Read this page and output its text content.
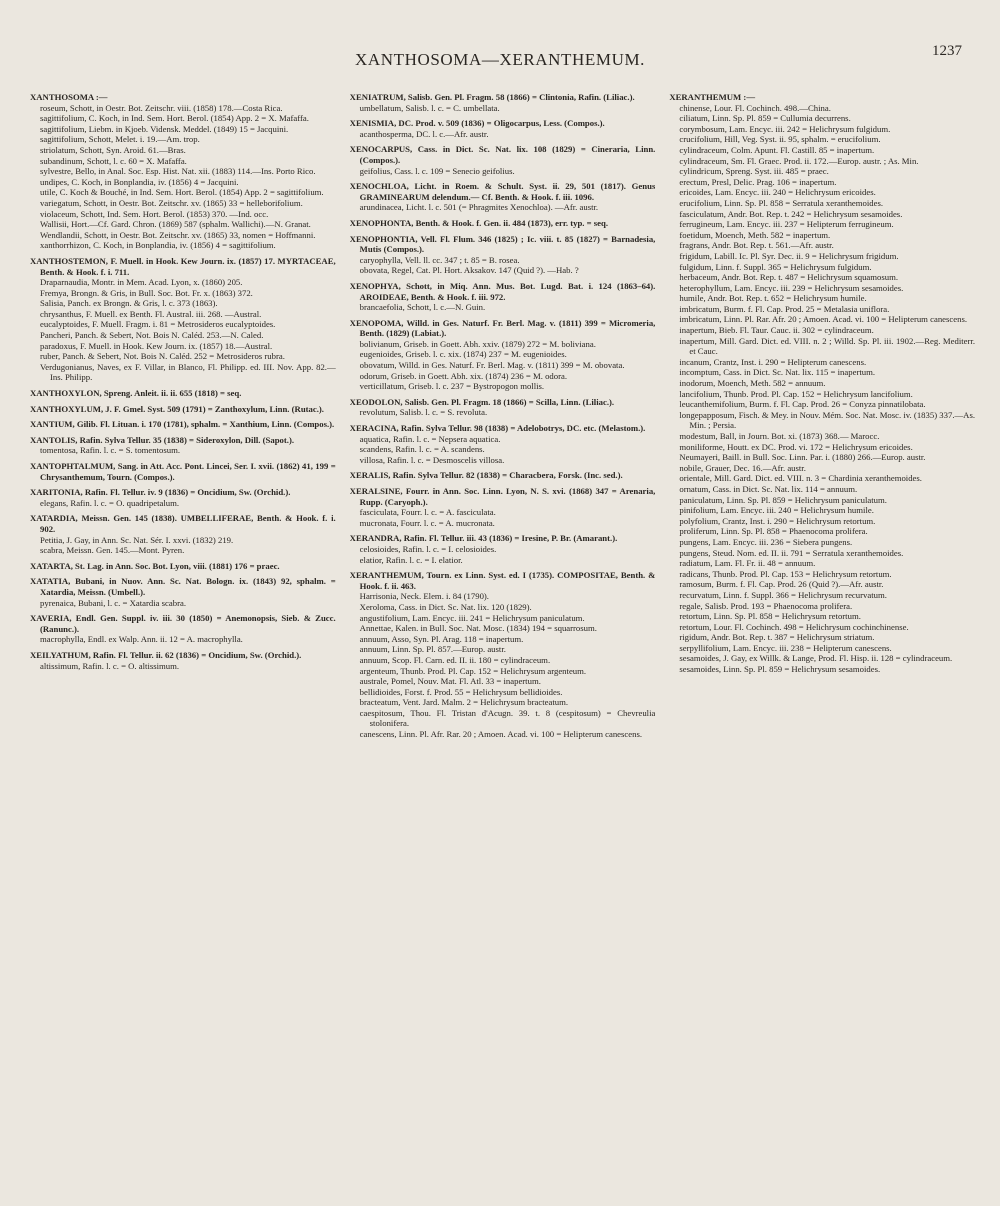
XANTHOSOMA—XERANTHEMUM.	1237

XANTHOSOMA :—

roseum, Schott, in Oestr. Bot. Zeitschr. viii. (1858) 178.—Costa Rica.

sagittifolium, C. Koch, in Ind. Sem. Hort. Berol. (1854) App. 2 = X. Mafaffa.

sagittifolium, Liebm. in Kjoeb. Vidensk. Meddel. (1849) 15 = Jacquini.

sagittifolium, Schott, Melet. i. 19.—Am. trop.

striolatum, Schott, Syn. Aroid. 61.—Bras.

subandinum, Schott, l. c. 60 = X. Mafaffa.

sylvestre, Bello, in Anal. Soc. Esp. Hist. Nat. xii. (1883) 114.—Ins. Porto Rico.

undipes, C. Koch, in Bonplandia, iv. (1856) 4 = Jacquini.

utile, C. Koch & Bouché, in Ind. Sem. Hort. Berol. (1854) App. 2 = sagittifolium.

variegatum, Schott, in Oestr. Bot. Zeitschr. xv. (1865) 33 = helleborifolium.

violaceum, Schott, Ind. Sem. Hort. Berol. (1853) 370. —Ind. occ.

Wallisii, Hort.—Cf. Gard. Chron. (1869) 587 (sphalm. Wallichi).—N. Granat.

Wendlandii, Schott, in Oestr. Bot. Zeitschr. xv. (1865) 33, nomen = Hoffmanni.

xanthorrhizon, C. Koch, in Bonplandia, iv. (1856) 4 = sagittifolium.

XANTHOSTEMON, F. Muell. in Hook. Kew Journ. ix. (1857) 17. MYRTACEAE, Benth. & Hook. f. i. 711.

Draparnaudia, Montr. in Mem. Acad. Lyon, x. (1860) 205.

Fremya, Brongn. & Gris, in Bull. Soc. Bot. Fr. x. (1863) 372.

Salisia, Panch. ex Brongn. & Gris, l. c. 373 (1863).

chrysanthus, F. Muell. ex Benth. Fl. Austral. iii. 268. —Austral.

eucalyptoides, F. Muell. Fragm. i. 81 = Metrosideros eucalyptoides.

Pancheri, Panch. & Sebert, Not. Bois N. Caléd. 253.—N. Caled.

paradoxus, F. Muell. in Hook. Kew Journ. ix. (1857) 18.—Austral.

ruber, Panch. & Sebert, Not. Bois N. Caléd. 252 = Metrosideros rubra.

Verdugonianus, Naves, ex F. Villar, in Blanco, Fl. Philipp. ed. III. Nov. App. 82.—Ins. Philipp.

XANTHOXYLON, Spreng. Anleit. ii. ii. 655 (1818) = seq.

XANTHOXYLUM, J. F. Gmel. Syst. 509 (1791) = Zanthoxylum, Linn. (Rutac.).

XANTIUM, Gilib. Fl. Lituan. i. 170 (1781), sphalm. = Xanthium, Linn. (Compos.).

XANTOLIS, Rafin. Sylva Tellur. 35 (1838) = Sideroxylon, Dill. (Sapot.).

tomentosa, Rafin. l. c. = S. tomentosum.

XANTOPHTALMUM, Sang. in Att. Acc. Pont. Lincei, Ser. I. xvii. (1862) 41, 199 = Chrysanthemum, Tourn. (Compos.).

XARITONIA, Rafin. Fl. Tellur. iv. 9 (1836) = Oncidium, Sw. (Orchid.).

elegans, Rafin. l. c. = O. quadripetalum.

XATARDIA, Meissn. Gen. 145 (1838). UMBELLIFERAE, Benth. & Hook. f. i. 902.

Petitia, J. Gay, in Ann. Sc. Nat. Sér. I. xxvi. (1832) 219.

scabra, Meissn. Gen. 145.—Mont. Pyren.

XATARTA, St. Lag. in Ann. Soc. Bot. Lyon, viii. (1881) 176 = praec.

XATATIA, Bubani, in Nuov. Ann. Sc. Nat. Bologn. ix. (1843) 92, sphalm. = Xatardia, Meissn. (Umbell.).

pyrenaica, Bubani, l. c. = Xatardia scabra.

XAVERIA, Endl. Gen. Suppl. iv. iii. 30 (1850) = Anemonopsis, Sieb. & Zucc. (Ranunc.).

macrophylla, Endl. ex Walp. Ann. ii. 12 = A. macrophylla.

XEILYATHUM, Rafin. Fl. Tellur. ii. 62 (1836) = Oncidium, Sw. (Orchid.).

altissimum, Rafin. l. c. = O. altissimum.

XENIATRUM, Salisb. Gen. Pl. Fragm. 58 (1866) = Clintonia, Rafin. (Liliac.).

umbellatum, Salisb. l. c. = C. umbellata.

XENISMIA, DC. Prod. v. 509 (1836) = Oligocarpus, Less. (Compos.).

acanthosperma, DC. l. c.—Afr. austr.

XENOCARPUS, Cass. in Dict. Sc. Nat. lix. 108 (1829) = Cineraria, Linn. (Compos.).

geifolius, Cass. l. c. 109 = Senecio geifolius.

XENOCHLOA, Licht. in Roem. & Schult. Syst. ii. 29, 501 (1817). Genus GRAMINEARUM delendum.— Cf. Benth. & Hook. f. iii. 1096.

arundinacea, Licht. l. c. 501 (= Phragmites Xenochloa). —Afr. austr.

XENOPHONTA, Benth. & Hook. f. Gen. ii. 484 (1873), err. typ. = seq.

XENOPHONTIA, Vell. Fl. Flum. 346 (1825) ; Ic. viii. t. 85 (1827) = Barnadesia, Mutis (Compos.).

caryophylla, Vell. ll. cc. 347 ; t. 85 = B. rosea.

obovata, Regel, Cat. Pl. Hort. Aksakov. 147 (Quid ?). —Hab. ?

XENOPHYA, Schott, in Miq. Ann. Mus. Bot. Lugd. Bat. i. 124 (1863–64). AROIDEAE, Benth. & Hook. f. iii. 972.

brancaefolia, Schott, l. c.—N. Guin.

XENOPOMA, Willd. in Ges. Naturf. Fr. Berl. Mag. v. (1811) 399 = Micromeria, Benth. (1829) (Labiat.).

bolivianum, Griseb. in Goett. Abh. xxiv. (1879) 272 = M. boliviana.

eugenioides, Griseb. l. c. xix. (1874) 237 = M. eugenioides.

obovatum, Willd. in Ges. Naturf. Fr. Berl. Mag. v. (1811) 399 = M. obovata.

odorum, Griseb. in Goett. Abh. xix. (1874) 236 = M. odora.

verticillatum, Griseb. l. c. 237 = Bystropogon mollis.

XEODOLON, Salisb. Gen. Pl. Fragm. 18 (1866) = Scilla, Linn. (Liliac.).

revolutum, Salisb. l. c. = S. revoluta.

XERACINA, Rafin. Sylva Tellur. 98 (1838) = Adelobotrys, DC. etc. (Melastom.).

aquatica, Rafin. l. c. = Nepsera aquatica.

scandens, Rafin. l. c. = A. scandens.

villosa, Rafin. l. c. = Desmoscelis villosa.

XERALIS, Rafin. Sylva Tellur. 82 (1838) = Characbera, Forsk. (Inc. sed.).

XERALSINE, Fourr. in Ann. Soc. Linn. Lyon, N. S. xvi. (1868) 347 = Arenaria, Rupp. (Caryoph.).

fasciculata, Fourr. l. c. = A. fasciculata.

mucronata, Fourr. l. c. = A. mucronata.

XERANDRA, Rafin. Fl. Tellur. iii. 43 (1836) = Iresine, P. Br. (Amarant.).

celosioides, Rafin. l. c. = I. celosioides.

elatior, Rafin. l. c. = I. elatior.

XERANTHEMUM, Tourn. ex Linn. Syst. ed. I (1735). COMPOSITAE, Benth. & Hook. f. ii. 463.

Harrisonia, Neck. Elem. i. 84 (1790).

Xeroloma, Cass. in Dict. Sc. Nat. lix. 120 (1829).

angustifolium, Lam. Encyc. iii. 241 = Helichrysum paniculatum.

Annettae, Kalen. in Bull. Soc. Nat. Mosc. (1834) 194 = squarrosum.

annuum, Asso, Syn. Pl. Arag. 118 = inapertum.

annuum, Linn. Sp. Pl. 857.—Europ. austr.

annuum, Scop. Fl. Carn. ed. II. ii. 180 = cylindraceum.

argenteum, Thunb. Prod. Pl. Cap. 152 = Helichrysum argenteum.

australe, Pomel, Nouv. Mat. Fl. Atl. 33 = inapertum.

bellidioides, Forst. f. Prod. 55 = Helichrysum bellidioides.

bracteatum, Vent. Jard. Malm. 2 = Helichrysum bracteatum.

caespitosum, Thou. Fl. Tristan d'Acugn. 39. t. 8 (cespitosum) = Chevreulia stolonifera.

canescens, Linn. Pl. Afr. Rar. 20 ; Amoen. Acad. vi. 100 = Helipterum canescens.

XERANTHEMUM :—

chinense, Lour. Fl. Cochinch. 498.—China.

ciliatum, Linn. Sp. Pl. 859 = Cullumia decurrens.

corymbosum, Lam. Encyc. iii. 242 = Helichrysum fulgidum.

crucifolium, Hill, Veg. Syst. ii. 95, sphalm. = erucifolium.

cylindraceum, Colm. Apunt. Fl. Castill. 85 = inapertum.

cylindraceum, Sm. Fl. Graec. Prod. ii. 172.—Europ. austr. ; As. Min.

cylindricum, Spreng. Syst. iii. 485 = praec.

erectum, Presl, Delic. Prag. 106 = inapertum.

ericoides, Lam. Encyc. iii. 240 = Helichrysum ericoides.

erucifolium, Linn. Sp. Pl. 858 = Serratula xeranthemoides.

fasciculatum, Andr. Bot. Rep. t. 242 = Helichrysum sesamoides.

ferrugineum, Lam. Encyc. iii. 237 = Helipterum ferrugineum.

foetidum, Moench, Meth. 582 = inapertum.

fragrans, Andr. Bot. Rep. t. 561.—Afr. austr.

frigidum, Labill. Ic. Pl. Syr. Dec. ii. 9 = Helichrysum frigidum.

fulgidum, Linn. f. Suppl. 365 = Helichrysum fulgidum.

herbaceum, Andr. Bot. Rep. t. 487 = Helichrysum squamosum.

heterophyllum, Lam. Encyc. iii. 239 = Helichrysum sesamoides.

humile, Andr. Bot. Rep. t. 652 = Helichrysum humile.

imbricatum, Burm. f. Fl. Cap. Prod. 25 = Metalasia uniflora.

imbricatum, Linn. Pl. Rar. Afr. 20 ; Amoen. Acad. vi. 100 = Helipterum canescens.

inapertum, Bieb. Fl. Taur. Cauc. ii. 302 = cylindraceum.

inapertum, Mill. Gard. Dict. ed. VIII. n. 2 ; Willd. Sp. Pl. iii. 1902.—Reg. Mediterr. et Cauc.

incanum, Crantz, Inst. i. 290 = Helipterum canescens.

incomptum, Cass. in Dict. Sc. Nat. lix. 115 = inapertum.

inodorum, Moench, Meth. 582 = annuum.

lancifolium, Thunb. Prod. Pl. Cap. 152 = Helichrysum lancifolium.

leucanthemifolium, Burm. f. Fl. Cap. Prod. 26 = Conyza pinnatilobata.

longepapposum, Fisch. & Mey. in Nouv. Mém. Soc. Nat. Mosc. iv. (1835) 337.—As. Min. ; Persia.

modestum, Ball, in Journ. Bot. xi. (1873) 368.— Marocc.

moniliforme, Houtt. ex DC. Prod. vi. 172 = Helichrysum ericoides.

Neumayeri, Baill. in Bull. Soc. Linn. Par. i. (1880) 266.—Europ. austr.

nobile, Grauer, Dec. 16.—Afr. austr.

orientale, Mill. Gard. Dict. ed. VIII. n. 3 = Chardinia xeranthemoides.

ornatum, Cass. in Dict. Sc. Nat. lix. 114 = annuum.

paniculatum, Linn. Sp. Pl. 859 = Helichrysum paniculatum.

pinifolium, Lam. Encyc. iii. 240 = Helichrysum humile.

polyfolium, Crantz, Inst. i. 290 = Helichrysum retortum.

proliferum, Linn. Sp. Pl. 858 = Phaenocoma prolifera.

pungens, Lam. Encyc. iii. 236 = Siebera pungens.

pungens, Steud. Nom. ed. II. ii. 791 = Serratula xeranthemoides.

radiatum, Lam. Fl. Fr. ii. 48 = annuum.

radicans, Thunb. Prod. Pl. Cap. 153 = Helichrysum retortum.

ramosum, Burm. f. Fl. Cap. Prod. 26 (Quid ?).—Afr. austr.

recurvatum, Linn. f. Suppl. 366 = Helichrysum recurvatum.

regale, Salisb. Prod. 193 = Phaenocoma prolifera.

retortum, Linn. Sp. Pl. 858 = Helichrysum retortum.

retortum, Lour. Fl. Cochinch. 498 = Helichrysum cochinchinense.

rigidum, Andr. Bot. Rep. t. 387 = Helichrysum striatum.

serpyllifolium, Lam. Encyc. iii. 238 = Helipterum canescens.

sesamoides, J. Gay, ex Willk. & Lange, Prod. Fl. Hisp. ii. 128 = cylindraceum.

sesamoides, Linn. Sp. Pl. 859 = Helichrysum sesamoides.
